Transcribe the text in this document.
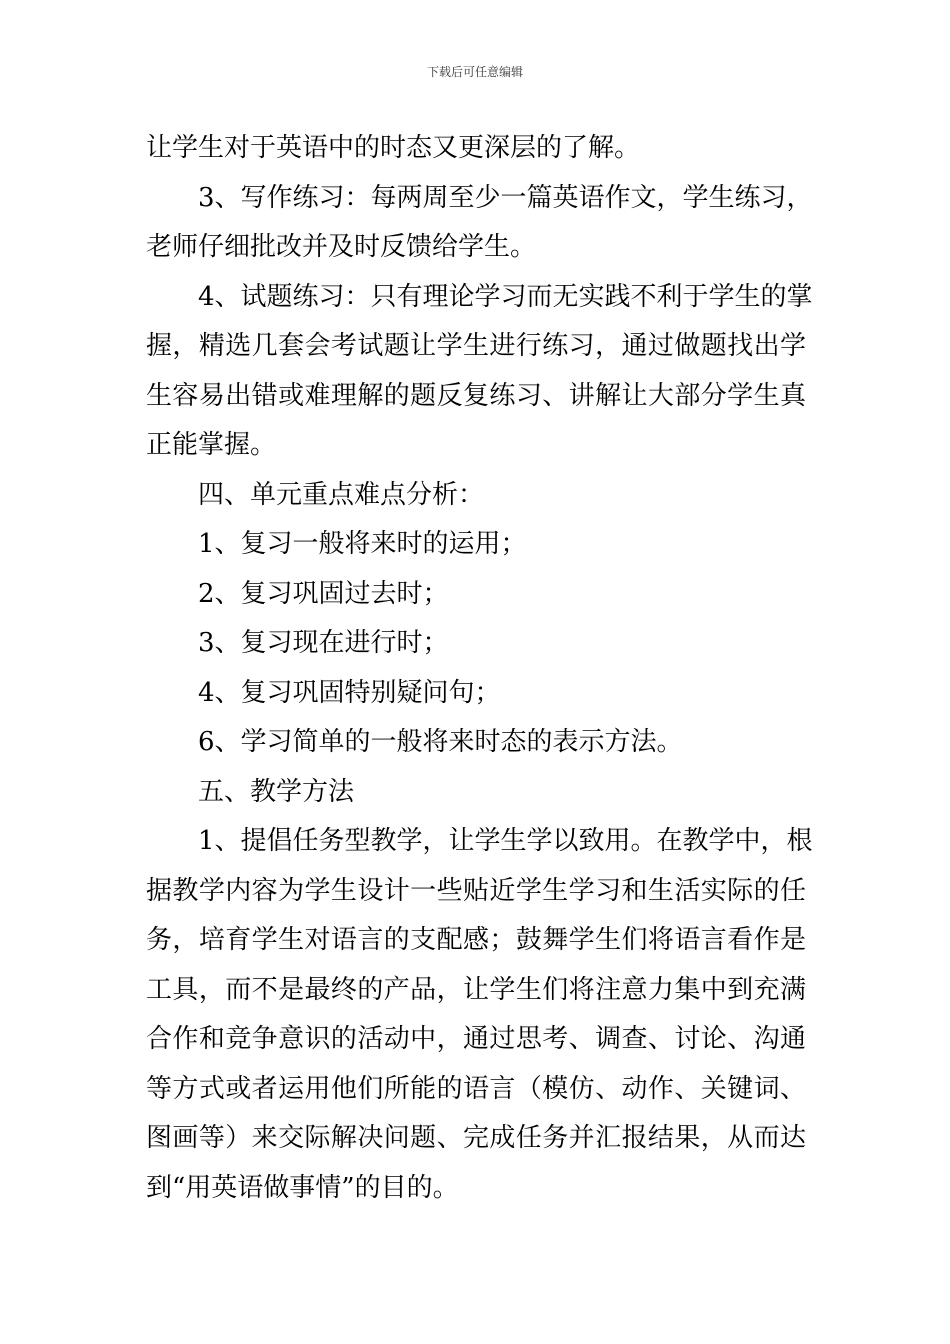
下载后可任意编辑
让学生对于英语中的时态又更深层的了解。
3、写作练习：每两周至少一篇英语作文，学生练习，
老师仔细批改并及时反馈给学生。
4、试题练习：只有理论学习而无实践不利于学生的掌
握，精选几套会考试题让学生进行练习，通过做题找出学
生容易出错或难理解的题反复练习、讲解让大部分学生真
正能掌握。
四、单元重点难点分析：
1、复习一般将来时的运用；
2、复习巩固过去时；
3、复习现在进行时；
4、复习巩固特别疑问句；
6、学习简单的一般将来时态的表示方法。
五、教学方法
1、提倡任务型教学，让学生学以致用。在教学中，根
据教学内容为学生设计一些贴近学生学习和生活实际的任
务，培育学生对语言的支配感；鼓舞学生们将语言看作是
工具，而不是最终的产品，让学生们将注意力集中到充满
合作和竞争意识的活动中，通过思考、调查、讨论、沟通
等方式或者运用他们所能的语言（模仿、动作、关键词、
图画等）来交际解决问题、完成任务并汇报结果，从而达
到“用英语做事情”的目的。
